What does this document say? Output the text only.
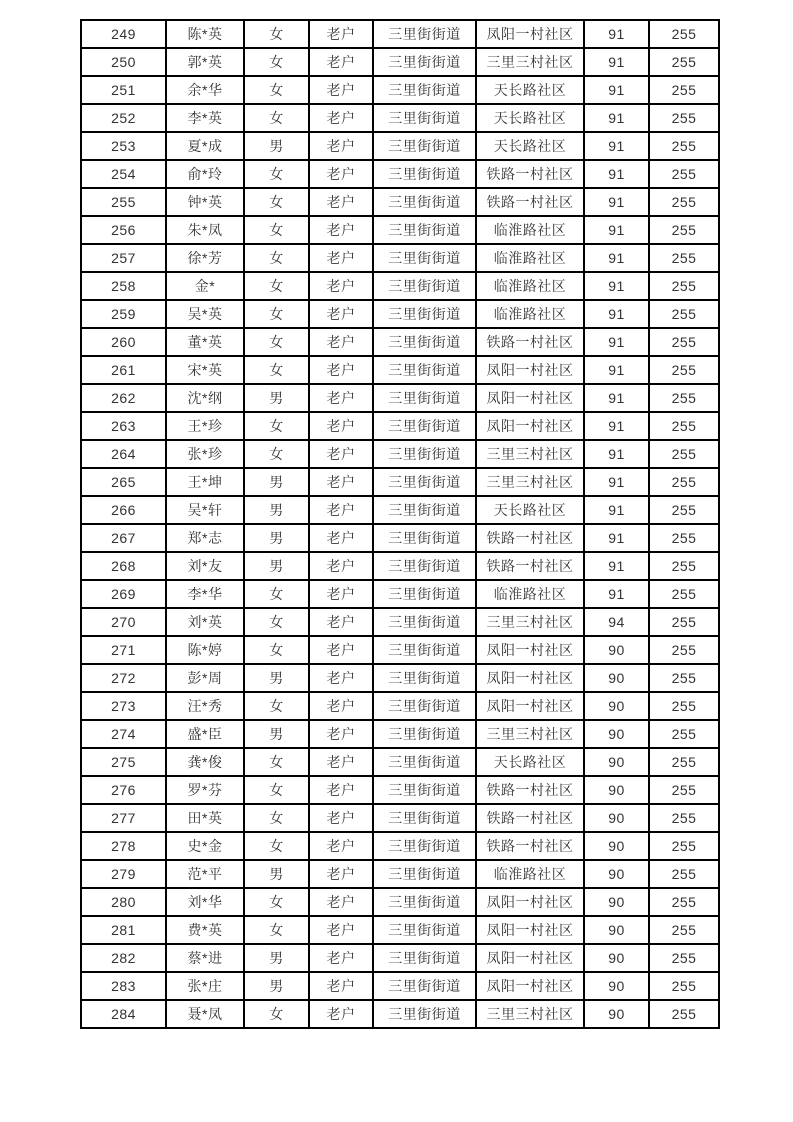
249	陈*英	女	老户	三里街街道	凤阳一村社区	91	255
250	郭*英	女	老户	三里街街道	三里三村社区	91	255
251	余*华	女	老户	三里街街道	天长路社区	91	255
252	李*英	女	老户	三里街街道	天长路社区	91	255
253	夏*成	男	老户	三里街街道	天长路社区	91	255
254	俞*玲	女	老户	三里街街道	铁路一村社区	91	255
255	钟*英	女	老户	三里街街道	铁路一村社区	91	255
256	朱*凤	女	老户	三里街街道	临淮路社区	91	255
257	徐*芳	女	老户	三里街街道	临淮路社区	91	255
258	金*	女	老户	三里街街道	临淮路社区	91	255
259	吴*英	女	老户	三里街街道	临淮路社区	91	255
260	董*英	女	老户	三里街街道	铁路一村社区	91	255
261	宋*英	女	老户	三里街街道	凤阳一村社区	91	255
262	沈*纲	男	老户	三里街街道	凤阳一村社区	91	255
263	王*珍	女	老户	三里街街道	凤阳一村社区	91	255
264	张*珍	女	老户	三里街街道	三里三村社区	91	255
265	王*坤	男	老户	三里街街道	三里三村社区	91	255
266	吴*轩	男	老户	三里街街道	天长路社区	91	255
267	郑*志	男	老户	三里街街道	铁路一村社区	91	255
268	刘*友	男	老户	三里街街道	铁路一村社区	91	255
269	李*华	女	老户	三里街街道	临淮路社区	91	255
270	刘*英	女	老户	三里街街道	三里三村社区	94	255
271	陈*婷	女	老户	三里街街道	凤阳一村社区	90	255
272	彭*周	男	老户	三里街街道	凤阳一村社区	90	255
273	汪*秀	女	老户	三里街街道	凤阳一村社区	90	255
274	盛*臣	男	老户	三里街街道	三里三村社区	90	255
275	龚*俊	女	老户	三里街街道	天长路社区	90	255
276	罗*芬	女	老户	三里街街道	铁路一村社区	90	255
277	田*英	女	老户	三里街街道	铁路一村社区	90	255
278	史*金	女	老户	三里街街道	铁路一村社区	90	255
279	范*平	男	老户	三里街街道	临淮路社区	90	255
280	刘*华	女	老户	三里街街道	凤阳一村社区	90	255
281	费*英	女	老户	三里街街道	凤阳一村社区	90	255
282	蔡*进	男	老户	三里街街道	凤阳一村社区	90	255
283	张*庄	男	老户	三里街街道	凤阳一村社区	90	255
284	聂*凤	女	老户	三里街街道	三里三村社区	90	255
